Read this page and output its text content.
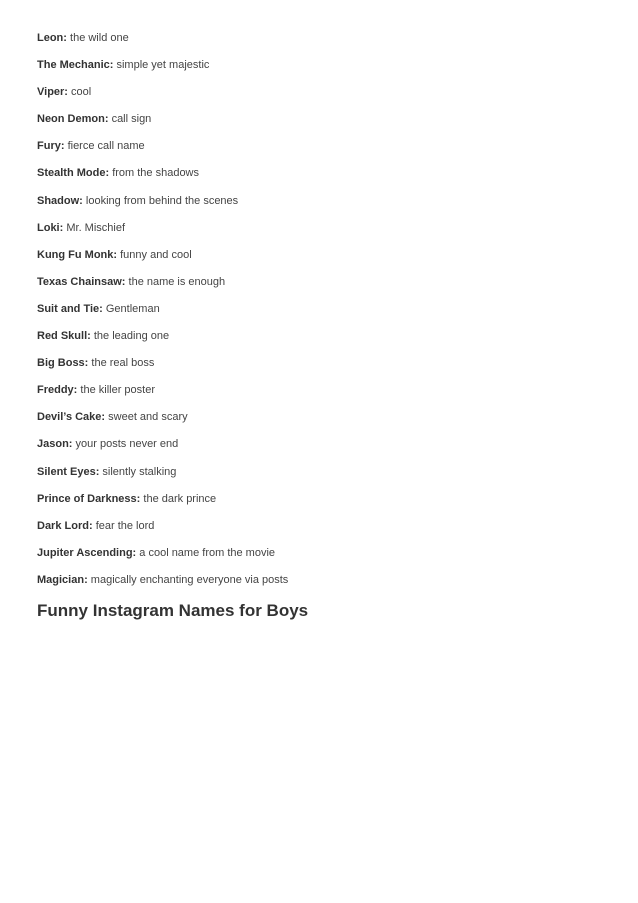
Leon: the wild one
The Mechanic: simple yet majestic
Viper: cool
Neon Demon: call sign
Fury: fierce call name
Stealth Mode: from the shadows
Shadow: looking from behind the scenes
Loki: Mr. Mischief
Kung Fu Monk: funny and cool
Texas Chainsaw: the name is enough
Suit and Tie: Gentleman
Red Skull: the leading one
Big Boss: the real boss
Freddy: the killer poster
Devil’s Cake: sweet and scary
Jason: your posts never end
Silent Eyes: silently stalking
Prince of Darkness: the dark prince
Dark Lord: fear the lord
Jupiter Ascending: a cool name from the movie
Magician: magically enchanting everyone via posts
Funny Instagram Names for Boys
